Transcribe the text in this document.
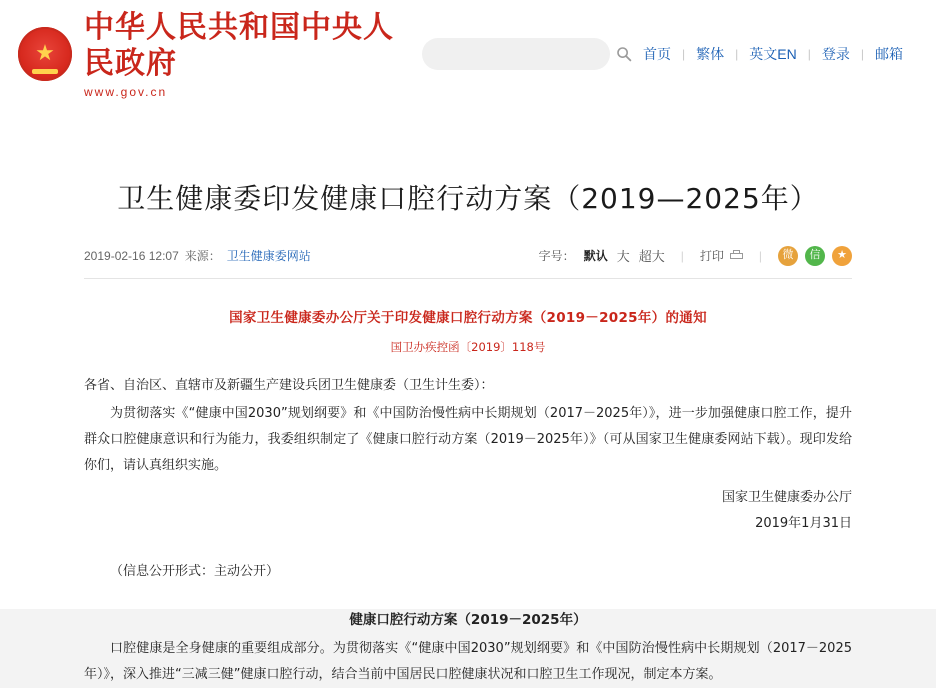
★
中华人民共和国中央人民政府
www.gov.cn
首页 | 繁体 | 英文EN | 登录 | 邮箱
卫生健康委印发健康口腔行动方案（2019—2025年）
2019-02-16 12:07 来源： 卫生健康委网站	字号： 默认 大 超大 | 打印	|	微	信	★
国家卫生健康委办公厅关于印发健康口腔行动方案（2019－2025年）的通知
国卫办疾控函〔2019〕118号
各省、自治区、直辖市及新疆生产建设兵团卫生健康委（卫生计生委）：
为贯彻落实《“健康中国2030”规划纲要》和《中国防治慢性病中长期规划（2017－2025年）》，进一步加强健康口腔工作，提升群众口腔健康意识和行为能力，我委组织制定了《健康口腔行动方案（2019－2025年）》（可从国家卫生健康委网站下载）。现印发给你们，请认真组织实施。
国家卫生健康委办公厅
2019年1月31日
（信息公开形式：主动公开）
健康口腔行动方案（2019－2025年）
口腔健康是全身健康的重要组成部分。为贯彻落实《“健康中国2030”规划纲要》和《中国防治慢性病中长期规划（2017－2025年）》，深入推进“三减三健”健康口腔行动，结合当前中国居民口腔健康状况和口腔卫生工作现况，制定本方案。
